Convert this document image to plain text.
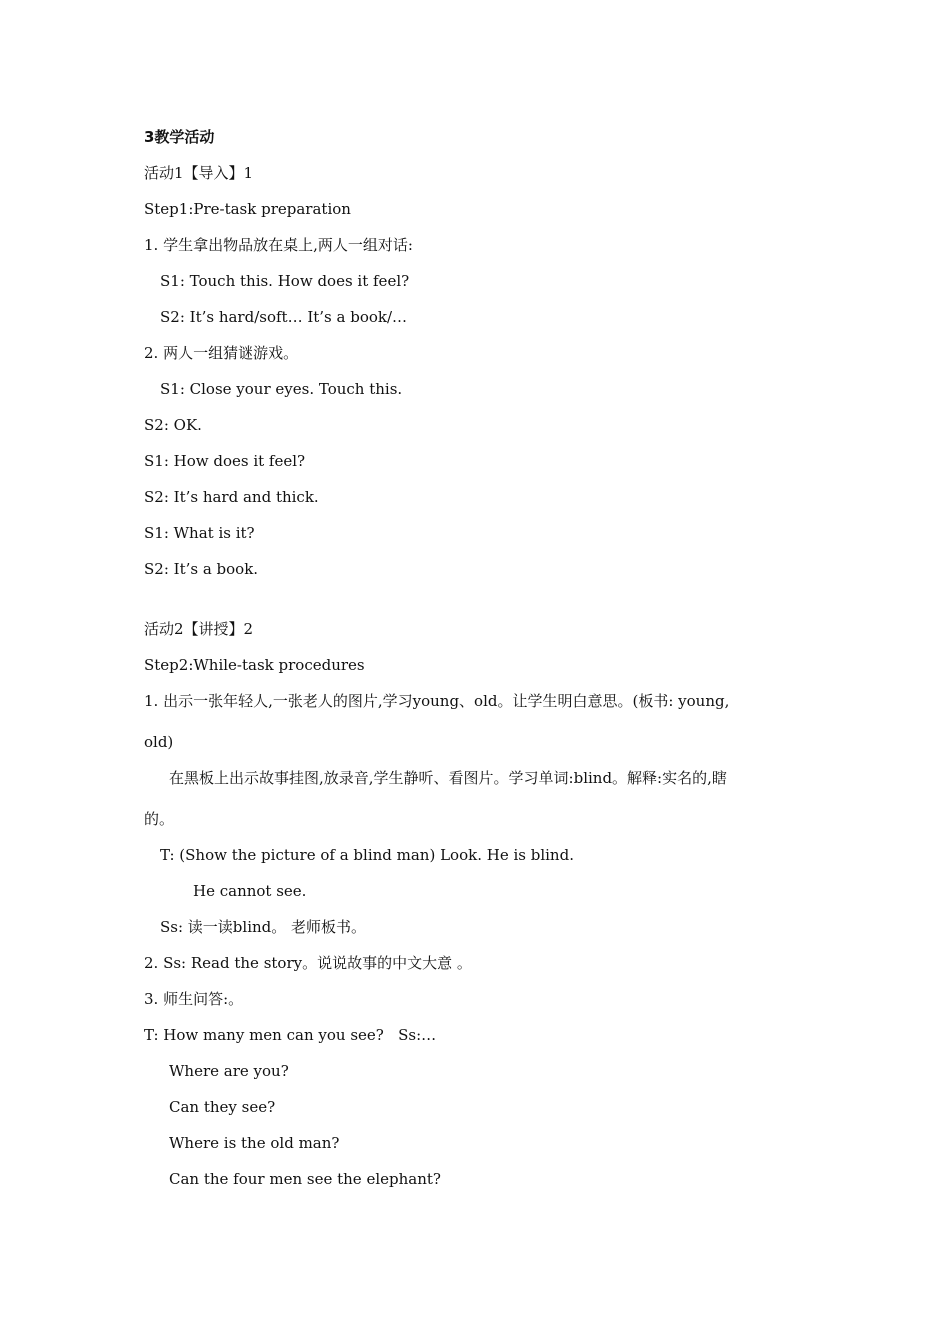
3教学活动
活动1【导入】1
Step1:Pre-task preparation
1. 学生拿出物品放在桌上,两人一组对话:
S1: Touch this. How does it feel?
S2: It’s hard/soft… It’s a book/…
2. 两人一组猜谜游戏。
S1: Close your eyes. Touch this.
S2: OK.
S1: How does it feel?
S2: It’s hard and thick.
S1: What is it?
S2: It’s a book.
活动2【讲授】2
Step2:While-task procedures
1. 出示一张年轻人,一张老人的图片,学习young、old。让学生明白意思。(板书: young,
old)
在黑板上出示故事挂图,放录音,学生静听、看图片。学习单词:blind。解释:实名的,瞎
的。
T: (Show the picture of a blind man) Look. He is blind.
He cannot see.
Ss: 读一读blind。 老师板书。
2. Ss: Read the story。说说故事的中文大意 。
3. 师生问答:。
T: How many men can you see?   Ss:…
Where are you?
Can they see?
Where is the old man?
Can the four men see the elephant?
